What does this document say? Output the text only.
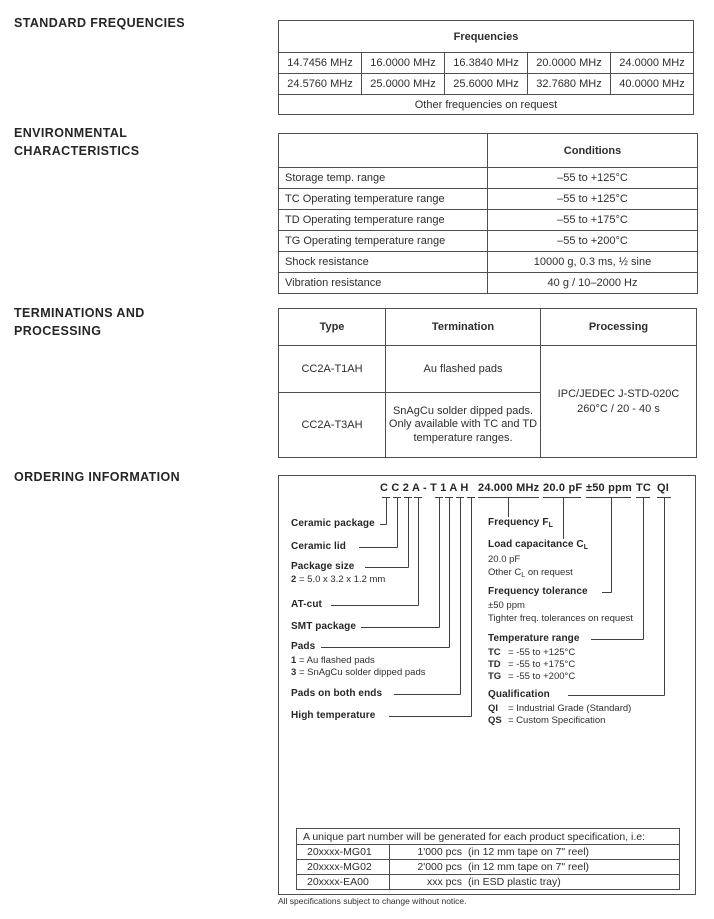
STANDARD FREQUENCIES
ENVIRONMENTAL
CHARACTERISTICS
TERMINATIONS AND
PROCESSING
ORDERING INFORMATION
Frequencies				
14.7456 MHz	16.0000 MHz	16.3840 MHz	20.0000 MHz	24.0000 MHz
24.5760 MHz	25.0000 MHz	25.6000 MHz	32.7680 MHz	40.0000 MHz
Other frequencies on request				
	Conditions
Storage temp. range	–55 to +125°C
TC Operating temperature range	–55 to +125°C
TD Operating temperature range	–55 to +175°C
TG Operating temperature range	–55 to +200°C
Shock resistance	10000 g, 0.3 ms, ½ sine
Vibration resistance	40 g / 10–2000 Hz
Type	Termination	Processing
CC2A-T1AH	Au flashed pads	IPC/JEDEC J-STD-020C
260°C / 20 - 40 s

CC2A-T3AH	SnAgCu solder dipped pads.
Only available with TC and TD temperature ranges.	
C C 2 A - T 1 A H 24.000 MHz 20.0 pF ±50 ppm TC QI
Ceramic package
Ceramic lid
Package size
2 = 5.0 x 3.2 x 1.2 mm
AT-cut
SMT package
Pads
1 = Au flashed pads
3 = SnAgCu solder dipped pads
Pads on both ends
High temperature
Frequency $F_L$
Load capacitance $C_L$
20.0 pF
Other $C_L$ on request
Frequency tolerance
±50 ppm
Tighter freq. tolerances on request
Temperature range
TC = -55 to +125°C
TD = -55 to +175°C
TG = -55 to +200°C
Qualification
QI = Industrial Grade (Standard)
QS = Custom Specification
A unique part number will be generated for each product specification, i.e:	
20xxxx-MG01	1'000 pcs (in 12 mm tape on 7" reel)
20xxxx-MG02	2'000 pcs (in 12 mm tape on 7" reel)
20xxxx-EA00	xxx pcs (in ESD plastic tray)
All specifications subject to change without notice.
